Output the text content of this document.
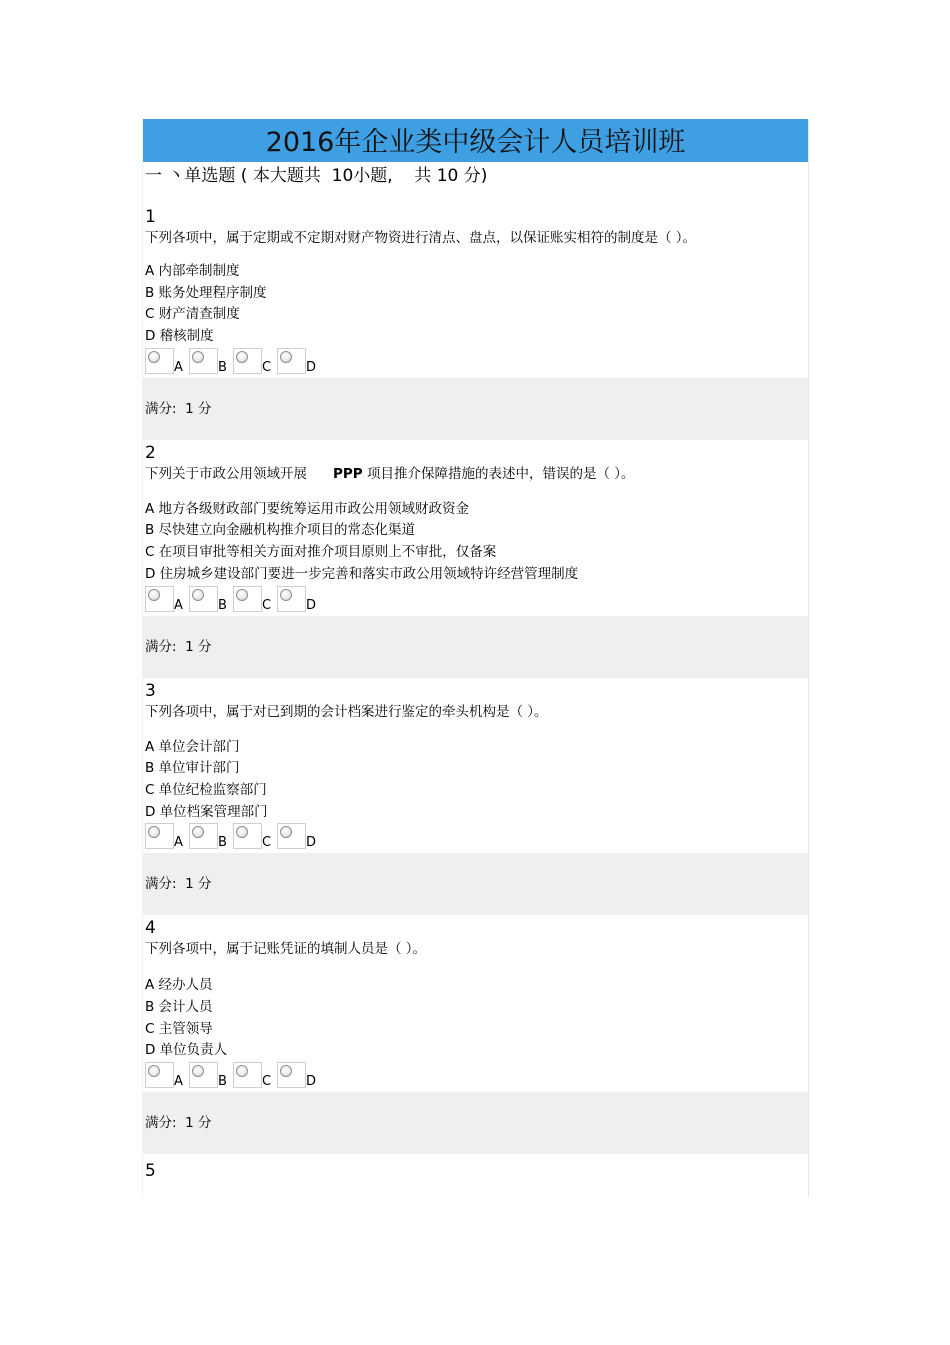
2016年企业类中级会计人员培训班
一 丶单选题 ( 本大题共  10小题,    共 10 分)
1
下列各项中，属于定期或不定期对财产物资进行清点、盘点，以保证账实相符的制度是（ ）。
A 内部牵制制度
B 账务处理程序制度
C 财产清查制度
D 稽核制度
A	B	C	D
满分:  1 分
2
下列关于市政公用领域开展 PPP 项目推介保障措施的表述中，错误的是（ ）。
A 地方各级财政部门要统筹运用市政公用领域财政资金
B 尽快建立向金融机构推介项目的常态化渠道
C 在项目审批等相关方面对推介项目原则上不审批，仅备案
D 住房城乡建设部门要进一步完善和落实市政公用领域特许经营管理制度
A	B	C	D
满分:  1 分
3
下列各项中，属于对已到期的会计档案进行鉴定的牵头机构是（ ）。
A 单位会计部门
B 单位审计部门
C 单位纪检监察部门
D 单位档案管理部门
A	B	C	D
满分:  1 分
4
下列各项中，属于记账凭证的填制人员是（ ）。
A 经办人员
B 会计人员
C 主管领导
D 单位负责人
A	B	C	D
满分:  1 分
5
